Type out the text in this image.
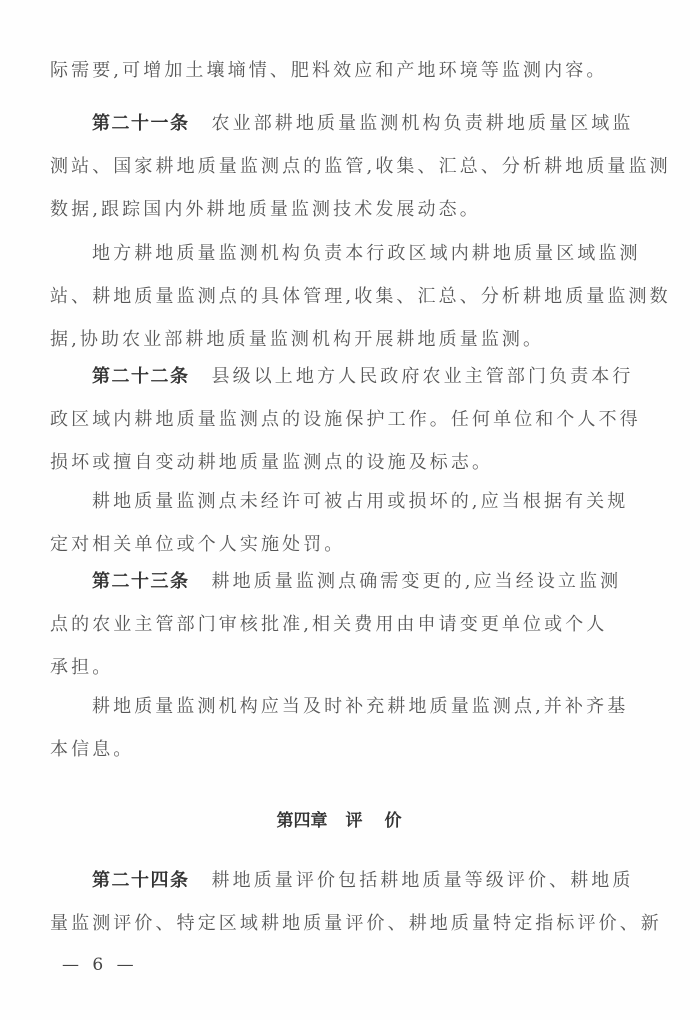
际需要,可增加土壤墒情、肥料效应和产地环境等监测内容。
第二十一条 农业部耕地质量监测机构负责耕地质量区域监
测站、国家耕地质量监测点的监管,收集、汇总、分析耕地质量监测
数据,跟踪国内外耕地质量监测技术发展动态。
地方耕地质量监测机构负责本行政区域内耕地质量区域监测
站、耕地质量监测点的具体管理,收集、汇总、分析耕地质量监测数
据,协助农业部耕地质量监测机构开展耕地质量监测。
第二十二条 县级以上地方人民政府农业主管部门负责本行
政区域内耕地质量监测点的设施保护工作。任何单位和个人不得
损坏或擅自变动耕地质量监测点的设施及标志。
耕地质量监测点未经许可被占用或损坏的,应当根据有关规
定对相关单位或个人实施处罚。
第二十三条 耕地质量监测点确需变更的,应当经设立监测
点的农业主管部门审核批准,相关费用由申请变更单位或个人
承担。
耕地质量监测机构应当及时补充耕地质量监测点,并补齐基
本信息。
第四章 评价
第二十四条 耕地质量评价包括耕地质量等级评价、耕地质
量监测评价、特定区域耕地质量评价、耕地质量特定指标评价、新
— 6 —
